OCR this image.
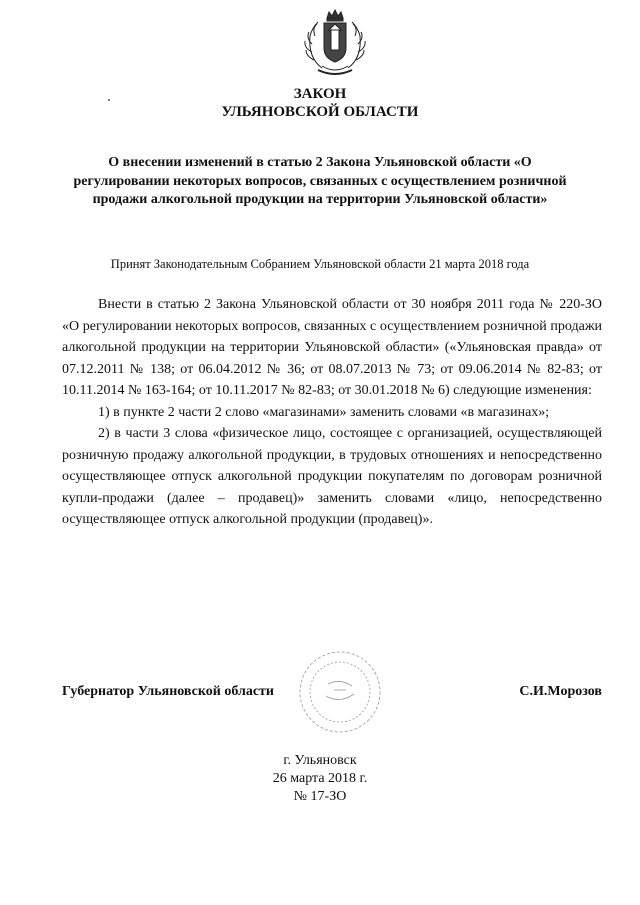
ЗАКОН
УЛЬЯНОВСКОЙ ОБЛАСТИ
О внесении изменений в статью 2 Закона Ульяновской области «О регулировании некоторых вопросов, связанных с осуществлением розничной продажи алкогольной продукции на территории Ульяновской области»
Принят Законодательным Собранием Ульяновской области 21 марта 2018 года

Внести в статью 2 Закона Ульяновской области от 30 ноября 2011 года № 220-ЗО «О регулировании некоторых вопросов, связанных с осуществлением розничной продажи алкогольной продукции на территории Ульяновской области» («Ульяновская правда» от 07.12.2011 № 138; от 06.04.2012 № 36; от 08.07.2013 № 73; от 09.06.2014 № 82-83; от 10.11.2014 № 163-164; от 10.11.2017 № 82-83; от 30.01.2018 № 6) следующие изменения:

1) в пункте 2 части 2 слово «магазинами» заменить словами «в магазинах»;

2) в части 3 слова «физическое лицо, состоящее с организацией, осуществляющей розничную продажу алкогольной продукции, в трудовых отношениях и непосредственно осуществляющее отпуск алкогольной продукции покупателям по договорам розничной купли-продажи (далее – продавец)» заменить словами «лицо, непосредственно осуществляющее отпуск алкогольной продукции (продавец)».

Губернатор Ульяновской области	С.И.Морозов
г. Ульяновск
26 марта 2018 г.
№ 17-ЗО
